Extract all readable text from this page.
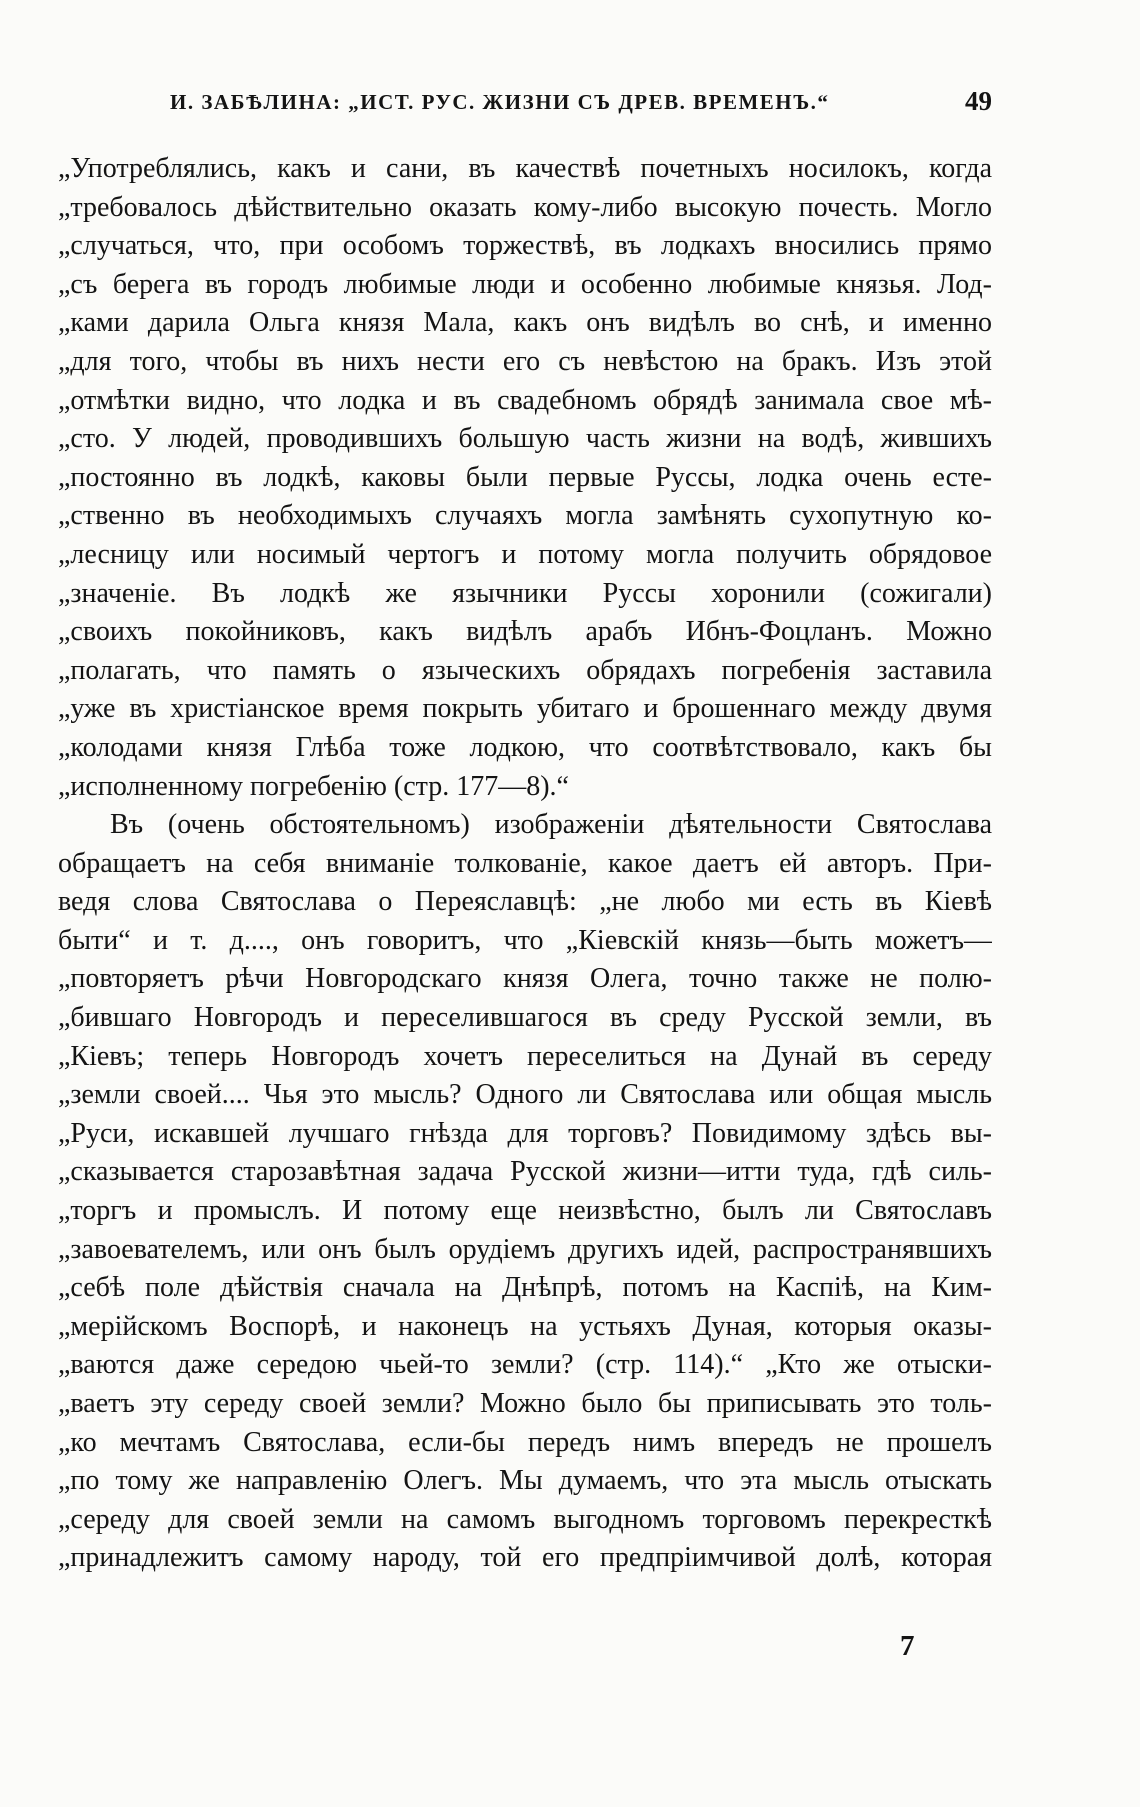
И. ЗАБѢЛИНА: „ИСТ. РУС. ЖИЗНИ СЪ ДРЕВ. ВРЕМЕНЪ.“	49
„Употреблялись, какъ и сани, въ качествѣ почетныхъ носилокъ, когда
„требовалось дѣйствительно оказать кому-либо высокую почесть. Могло
„случаться, что, при особомъ торжествѣ, въ лодкахъ вносились прямо
„съ берега въ городъ любимые люди и особенно любимые князья. Лод-
„ками дарила Ольга князя Мала, какъ онъ видѣлъ во снѣ, и именно
„для того, чтобы въ нихъ нести его съ невѣстою на бракъ. Изъ этой
„отмѣтки видно, что лодка и въ свадебномъ обрядѣ занимала свое мѣ-
„сто. У людей, проводившихъ большую часть жизни на водѣ, жившихъ
„постоянно въ лодкѣ, каковы были первые Руссы, лодка очень есте-
„ственно въ необходимыхъ случаяхъ могла замѣнять сухопутную ко-
„лесницу или носимый чертогъ и потому могла получить обрядовое
„значеніе. Въ лодкѣ же язычники Руссы хоронили (сожигали)
„своихъ покойниковъ, какъ видѣлъ арабъ Ибнъ-Фоцланъ. Можно
„полагать, что память о языческихъ обрядахъ погребенія заставила
„уже въ христіанское время покрыть убитаго и брошеннаго между двумя
„колодами князя Глѣба тоже лодкою, что соотвѣтствовало, какъ бы
„исполненному погребенію (стр. 177—8).“
Въ (очень обстоятельномъ) изображеніи дѣятельности Святослава
обращаетъ на себя вниманіе толкованіе, какое даетъ ей авторъ. При-
ведя слова Святослава о Переяславцѣ: „не любо ми есть въ Кіевѣ
быти“ и т. д...., онъ говоритъ, что „Кіевскій князь—быть можетъ—
„повторяетъ рѣчи Новгородскаго князя Олега, точно также не полю-
„бившаго Новгородъ и переселившагося въ среду Русской земли, въ
„Кіевъ; теперь Новгородъ хочетъ переселиться на Дунай въ середу
„земли своей.... Чья это мысль? Одного ли Святослава или общая мысль
„Руси, искавшей лучшаго гнѣзда для торговъ? Повидимому здѣсь вы-
„сказывается старозавѣтная задача Русской жизни—итти туда, гдѣ силь-
„торгъ и промыслъ. И потому еще неизвѣстно, былъ ли Святославъ
„завоевателемъ, или онъ былъ орудіемъ другихъ идей, распространявшихъ
„себѣ поле дѣйствія сначала на Днѣпрѣ, потомъ на Каспіѣ, на Ким-
„мерійскомъ Воспорѣ, и наконецъ на устьяхъ Дуная, которыя оказы-
„ваются даже середою чьей-то земли? (стр. 114).“ „Кто же отыски-
„ваетъ эту середу своей земли? Можно было бы приписывать это толь-
„ко мечтамъ Святослава, если-бы передъ нимъ впередъ не прошелъ
„по тому же направленію Олегъ. Мы думаемъ, что эта мысль отыскать
„середу для своей земли на самомъ выгодномъ торговомъ перекресткѣ
„принадлежитъ самому народу, той его предпріимчивой долѣ, которая
7
